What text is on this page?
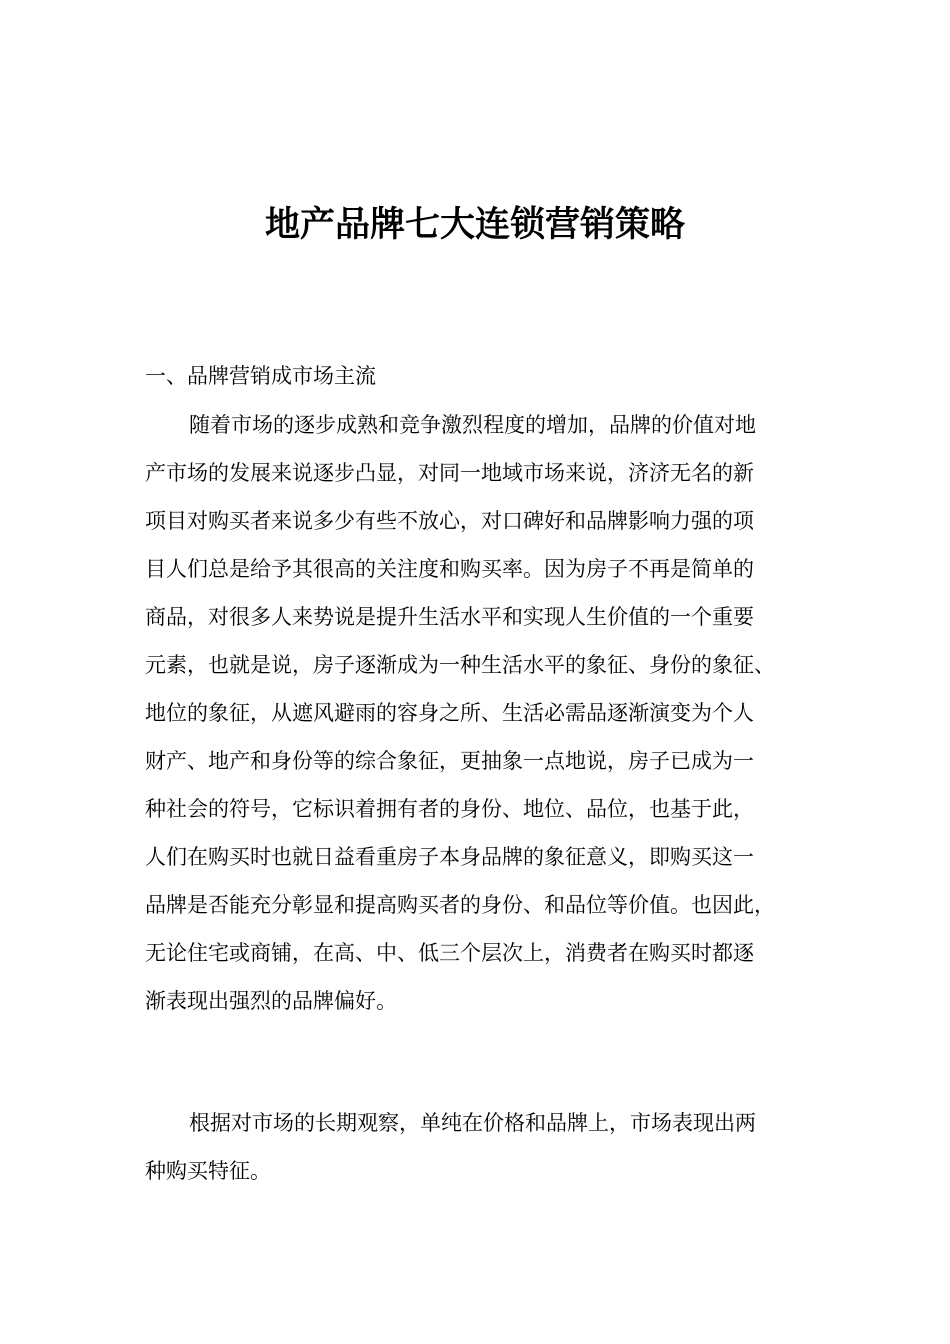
地产品牌七大连锁营销策略

一、品牌营销成市场主流

随着市场的逐步成熟和竞争激烈程度的增加，品牌的价值对地
产市场的发展来说逐步凸显，对同一地域市场来说，济济无名的新
项目对购买者来说多少有些不放心，对口碑好和品牌影响力强的项
目人们总是给予其很高的关注度和购买率。因为房子不再是简单的
商品，对很多人来势说是提升生活水平和实现人生价值的一个重要
元素，也就是说，房子逐渐成为一种生活水平的象征、身份的象征、
地位的象征，从遮风避雨的容身之所、生活必需品逐渐演变为个人
财产、地产和身份等的综合象征，更抽象一点地说，房子已成为一
种社会的符号，它标识着拥有者的身份、地位、品位，也基于此，
人们在购买时也就日益看重房子本身品牌的象征意义，即购买这一
品牌是否能充分彰显和提高购买者的身份、和品位等价值。也因此，
无论住宅或商铺，在高、中、低三个层次上，消费者在购买时都逐
渐表现出强烈的品牌偏好。
根据对市场的长期观察，单纯在价格和品牌上，市场表现出两
种购买特征。
